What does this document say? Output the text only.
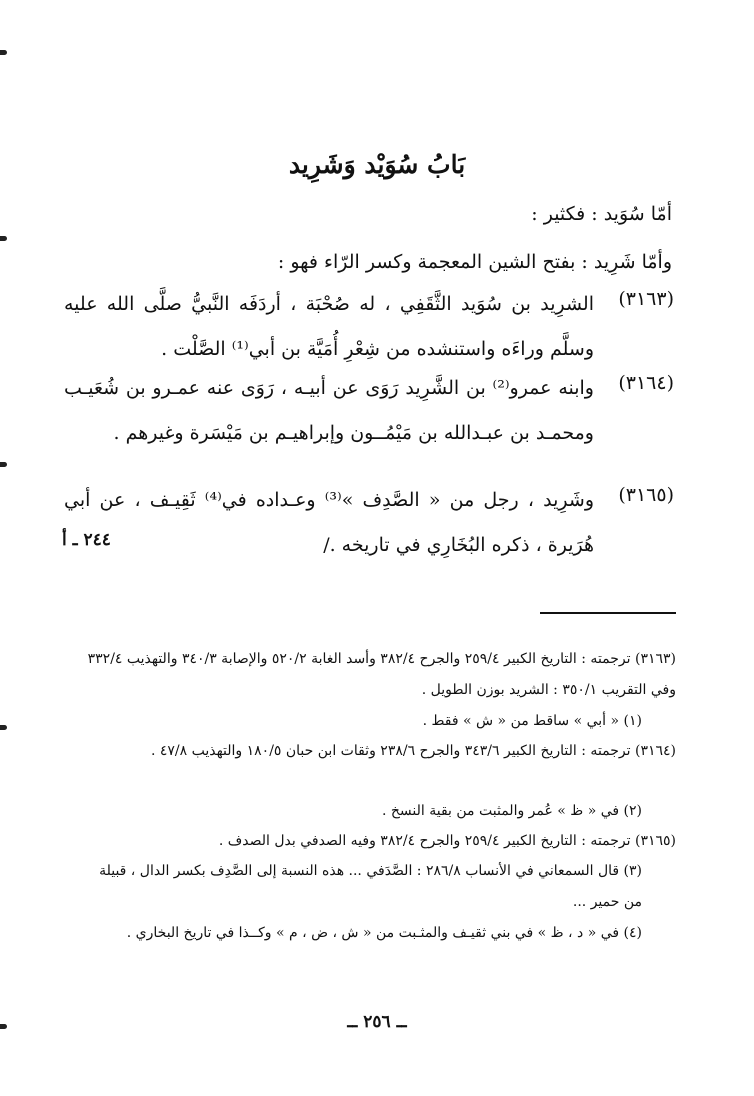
بَابُ سُوَيْد وَشَرِيد
أمّا سُوَيد : فكثير :
وأمّا شَرِيد : بفتح الشين المعجمة وكسر الرّاء فهو :
(٣١٦٣)
الشرِيد بن سُوَيد الثَّقَفِي ، له صُحْبَة ، أردَفَه النَّبيُّ صلَّى الله عليه وسلَّم وراءَه واستنشده من شِعْرِ أُمَيَّة بن أبي⁽¹⁾ الصَّلْت .
(٣١٦٤)
وابنه عمرو⁽²⁾ بن الشَّرِيد رَوَى عن أبيـه ، رَوَى عنه عمـرو بن شُعَيـب ومحمـد بن عبـدالله بن مَيْمُــون وإبراهيـم بن مَيْسَرة وغيرهم .
(٣١٦٥)
وشَرِيد ، رجل من « الصَّدِف »⁽³⁾ وعـداده في⁽⁴⁾ ثَقِيـف ، عن أبي هُرَيرة ، ذكره البُخَارِي في تاريخه ./
٢٤٤ ـ أ
(٣١٦٣) ترجمته : التاريخ الكبير ٢٥٩/٤ والجرح ٣٨٢/٤ وأسد الغابة ٥٢٠/٢ والإصابة ٣٤٠/٣ والتهذيب ٣٣٢/٤ وفي التقريب ٣٥٠/١ : الشريد بوزن الطويل .
(١) « أبي » ساقط من « ش » فقط .
(٣١٦٤) ترجمته : التاريخ الكبير ٣٤٣/٦ والجرح ٢٣٨/٦ وثقات ابن حبان ١٨٠/٥ والتهذيب ٤٧/٨ .
(٢) في « ظ » عُمر والمثبت من بقية النسخ .
(٣١٦٥) ترجمته : التاريخ الكبير ٢٥٩/٤ والجرح ٣٨٢/٤ وفيه الصدفي بدل الصدف .
(٣) قال السمعاني في الأنساب ٢٨٦/٨ : الصَّدَفي ... هذه النسبة إلى الصَّدِف بكسر الدال ، قبيلة من حمير ...
(٤) في « د ، ظ » في بني ثقيـف والمثـبت من « ش ، ض ، م » وكــذا في تاريخ البخاري .
ــ ٢٥٦ ــ
